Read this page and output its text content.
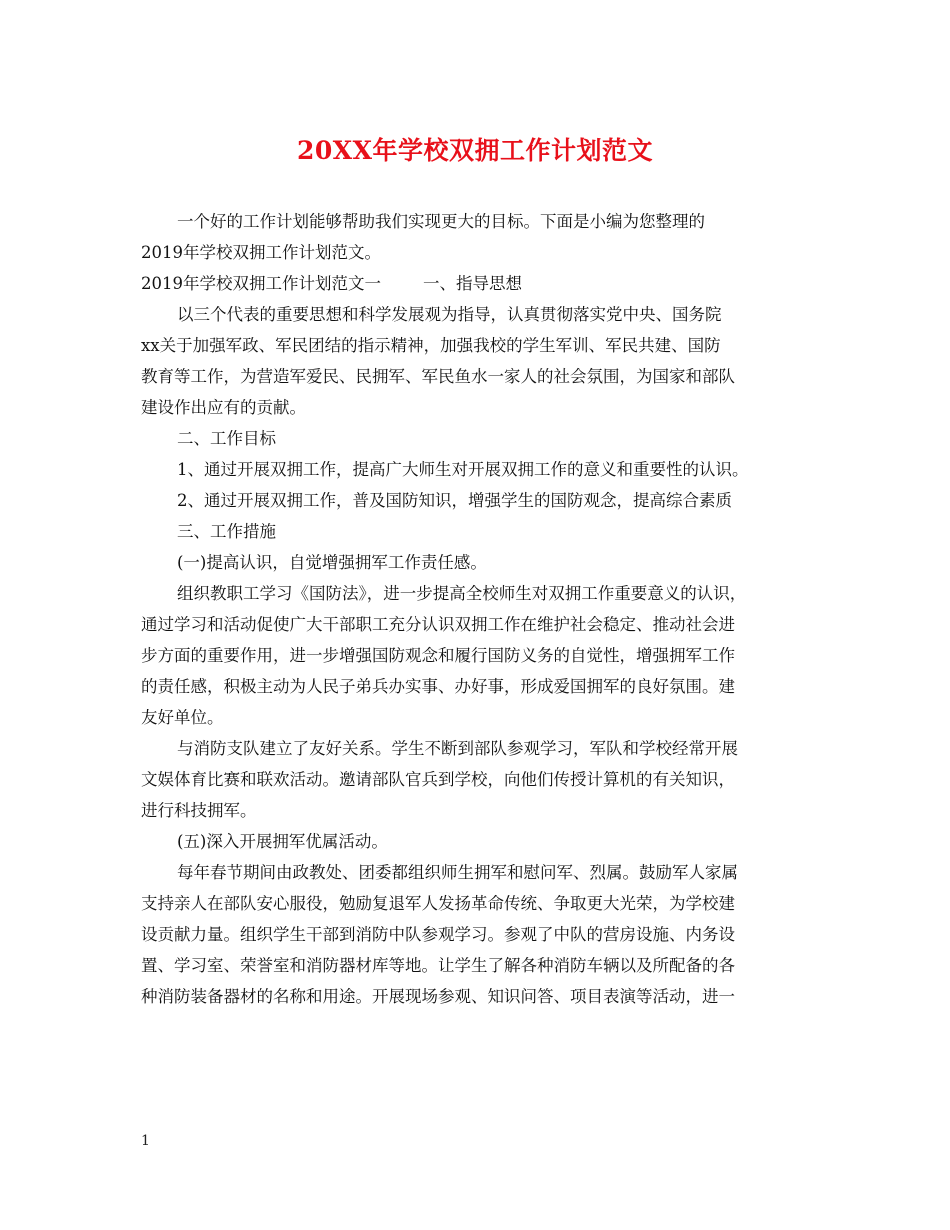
20XX年学校双拥工作计划范文

一个好的工作计划能够帮助我们实现更大的目标。下面是小编为您整理的

2019年学校双拥工作计划范文。

2019年学校双拥工作计划范文一	一、指导思想

以三个代表的重要思想和科学发展观为指导，认真贯彻落实党中央、国务院

xx关于加强军政、军民团结的指示精神，加强我校的学生军训、军民共建、国防

教育等工作，为营造军爱民、民拥军、军民鱼水一家人的社会氛围，为国家和部队

建设作出应有的贡献。

二、工作目标

1、通过开展双拥工作，提高广大师生对开展双拥工作的意义和重要性的认识。

2、通过开展双拥工作，普及国防知识，增强学生的国防观念，提高综合素质

三、工作措施

(一)提高认识，自觉增强拥军工作责任感。

组织教职工学习《国防法》，进一步提高全校师生对双拥工作重要意义的认识，

通过学习和活动促使广大干部职工充分认识双拥工作在维护社会稳定、推动社会进

步方面的重要作用，进一步增强国防观念和履行国防义务的自觉性，增强拥军工作

的责任感，积极主动为人民子弟兵办实事、办好事，形成爱国拥军的良好氛围。建

友好单位。

与消防支队建立了友好关系。学生不断到部队参观学习，军队和学校经常开展

文娱体育比赛和联欢活动。邀请部队官兵到学校，向他们传授计算机的有关知识，

进行科技拥军。

(五)深入开展拥军优属活动。

每年春节期间由政教处、团委都组织师生拥军和慰问军、烈属。鼓励军人家属

支持亲人在部队安心服役，勉励复退军人发扬革命传统、争取更大光荣，为学校建

设贡献力量。组织学生干部到消防中队参观学习。参观了中队的营房设施、内务设

置、学习室、荣誉室和消防器材库等地。让学生了解各种消防车辆以及所配备的各

种消防装备器材的名称和用途。开展现场参观、知识问答、项目表演等活动，进一

1
